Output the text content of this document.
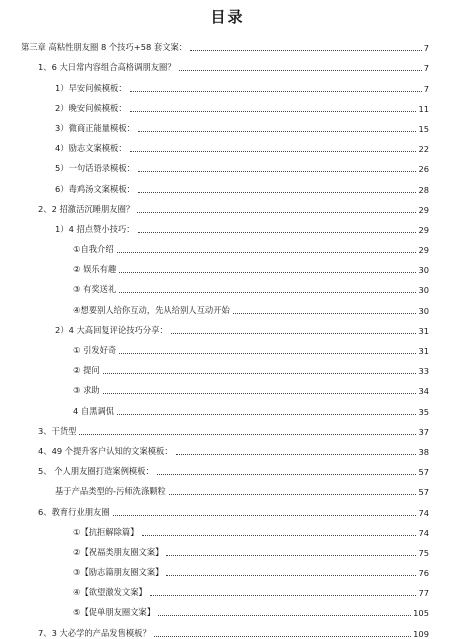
目录
第三章 高粘性朋友圈 8 个技巧+58 套文案：	7
1、6 大日常内容组合高格调朋友圈？	7
1）早安问候模板：	7
2）晚安问候模板：	11
3）微商正能量模板：	15
4）励志文案模板：	22
5）一句话语录模板：	26
6）毒鸡汤文案模板：	28
2、2 招激活沉睡朋友圈？	29
1）4 招点赞小技巧：	29
①自我介绍	29
② 娱乐有趣	30
③ 有奖送礼	30
④想要别人给你互动，先从给别人互动开始	30
2）4 大高回复评论技巧分享：	31
① 引发好奇	31
② 提问	33
③ 求助	34
4 自黑调侃	35
3、干货型	37
4、49 个提升客户认知的文案模板：	38
5、 个人朋友圈打造案例模板：	57
基于产品类型的-污师洗涤颗粒	57
6、教育行业朋友圈	74
①【抗拒解除篇】	74
②【祝福类朋友圈文案】	75
③【励志篇朋友圈文案】	76
④【欲望激发文案】	77
⑤【促单朋友圈文案】	105
7、3 大必学的产品发售模板？	109
